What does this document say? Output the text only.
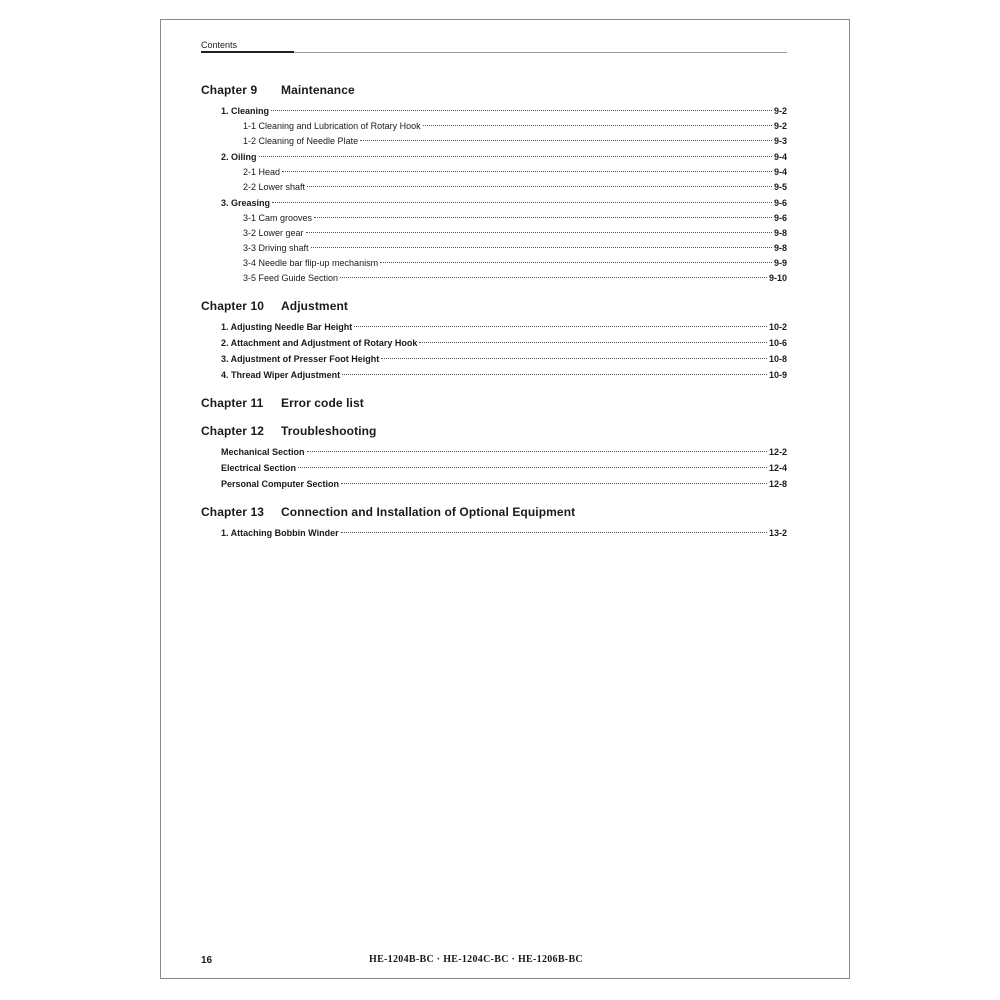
Contents
Chapter 9	Maintenance
1. Cleaning	9-2
1-1 Cleaning and Lubrication of Rotary Hook	9-2
1-2 Cleaning of Needle Plate	9-3
2. Oiling	9-4
2-1 Head	9-4
2-2 Lower shaft	9-5
3. Greasing	9-6
3-1 Cam grooves	9-6
3-2 Lower gear	9-8
3-3 Driving shaft	9-8
3-4 Needle bar flip-up mechanism	9-9
3-5 Feed Guide Section	9-10
Chapter 10	Adjustment
1. Adjusting Needle Bar Height	10-2
2. Attachment and Adjustment of Rotary Hook	10-6
3. Adjustment of Presser Foot Height	10-8
4. Thread Wiper Adjustment	10-9
Chapter 11	Error code list
Chapter 12	Troubleshooting
Mechanical Section	12-2
Electrical Section	12-4
Personal Computer Section	12-8
Chapter 13	Connection and Installation of Optional Equipment
1. Attaching Bobbin Winder	13-2
16	HE-1204B-BC · HE-1204C-BC · HE-1206B-BC
